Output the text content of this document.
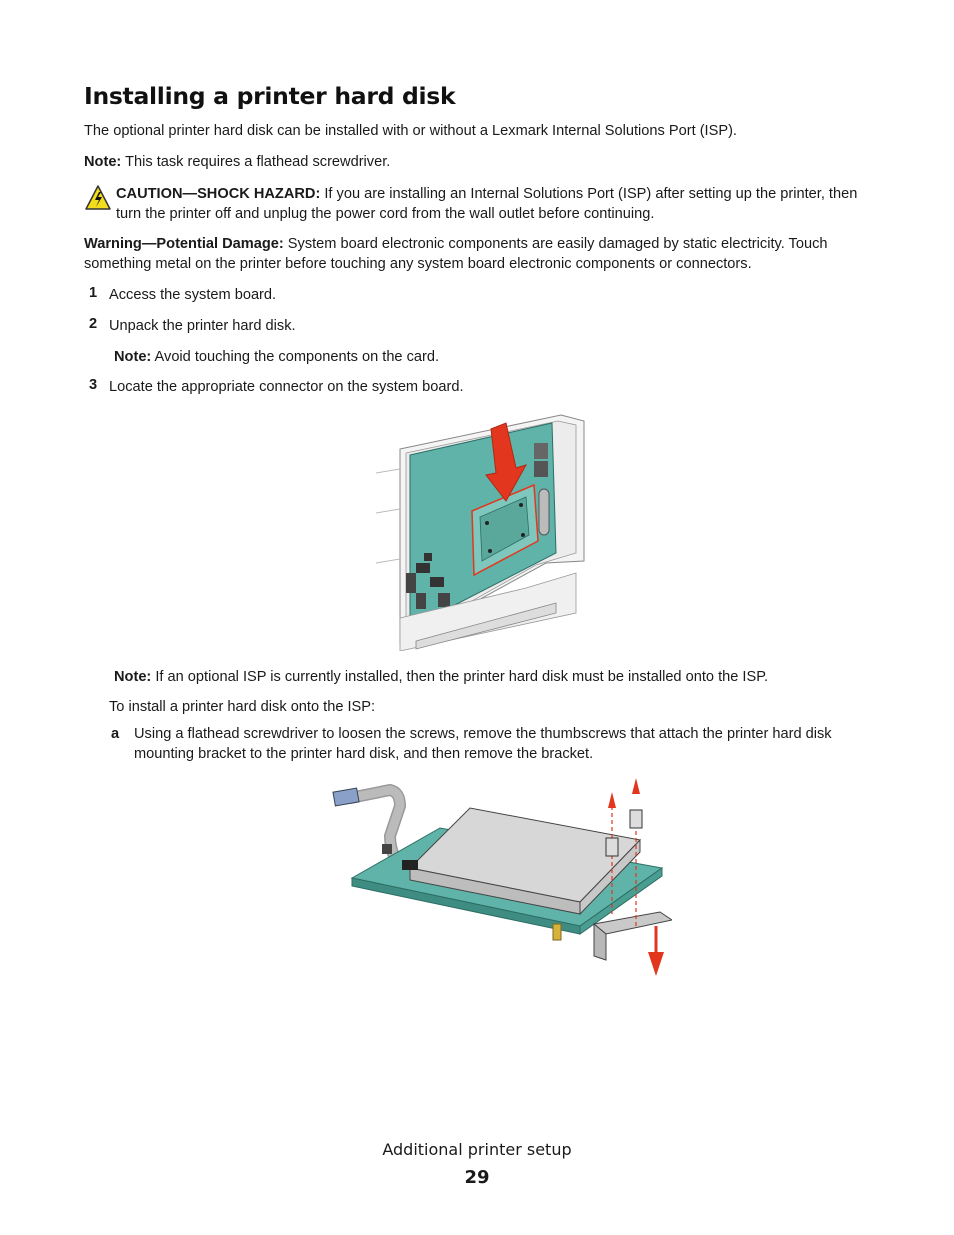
Installing a printer hard disk

The optional printer hard disk can be installed with or without a Lexmark Internal Solutions Port (ISP).

Note: This task requires a flathead screwdriver.

CAUTION—SHOCK HAZARD: If you are installing an Internal Solutions Port (ISP) after setting up the printer, then turn the printer off and unplug the power cord from the wall outlet before continuing.

Warning—Potential Damage: System board electronic components are easily damaged by static electricity. Touch something metal on the printer before touching any system board electronic components or connectors.

1 Access the system board.
2 Unpack the printer hard disk.

Note: Avoid touching the components on the card.

3 Locate the appropriate connector on the system board.

Note: If an optional ISP is currently installed, then the printer hard disk must be installed onto the ISP.

To install a printer hard disk onto the ISP:

a Using a flathead screwdriver to loosen the screws, remove the thumbscrews that attach the printer hard disk mounting bracket to the printer hard disk, and then remove the bracket.

Additional printer setup
29
